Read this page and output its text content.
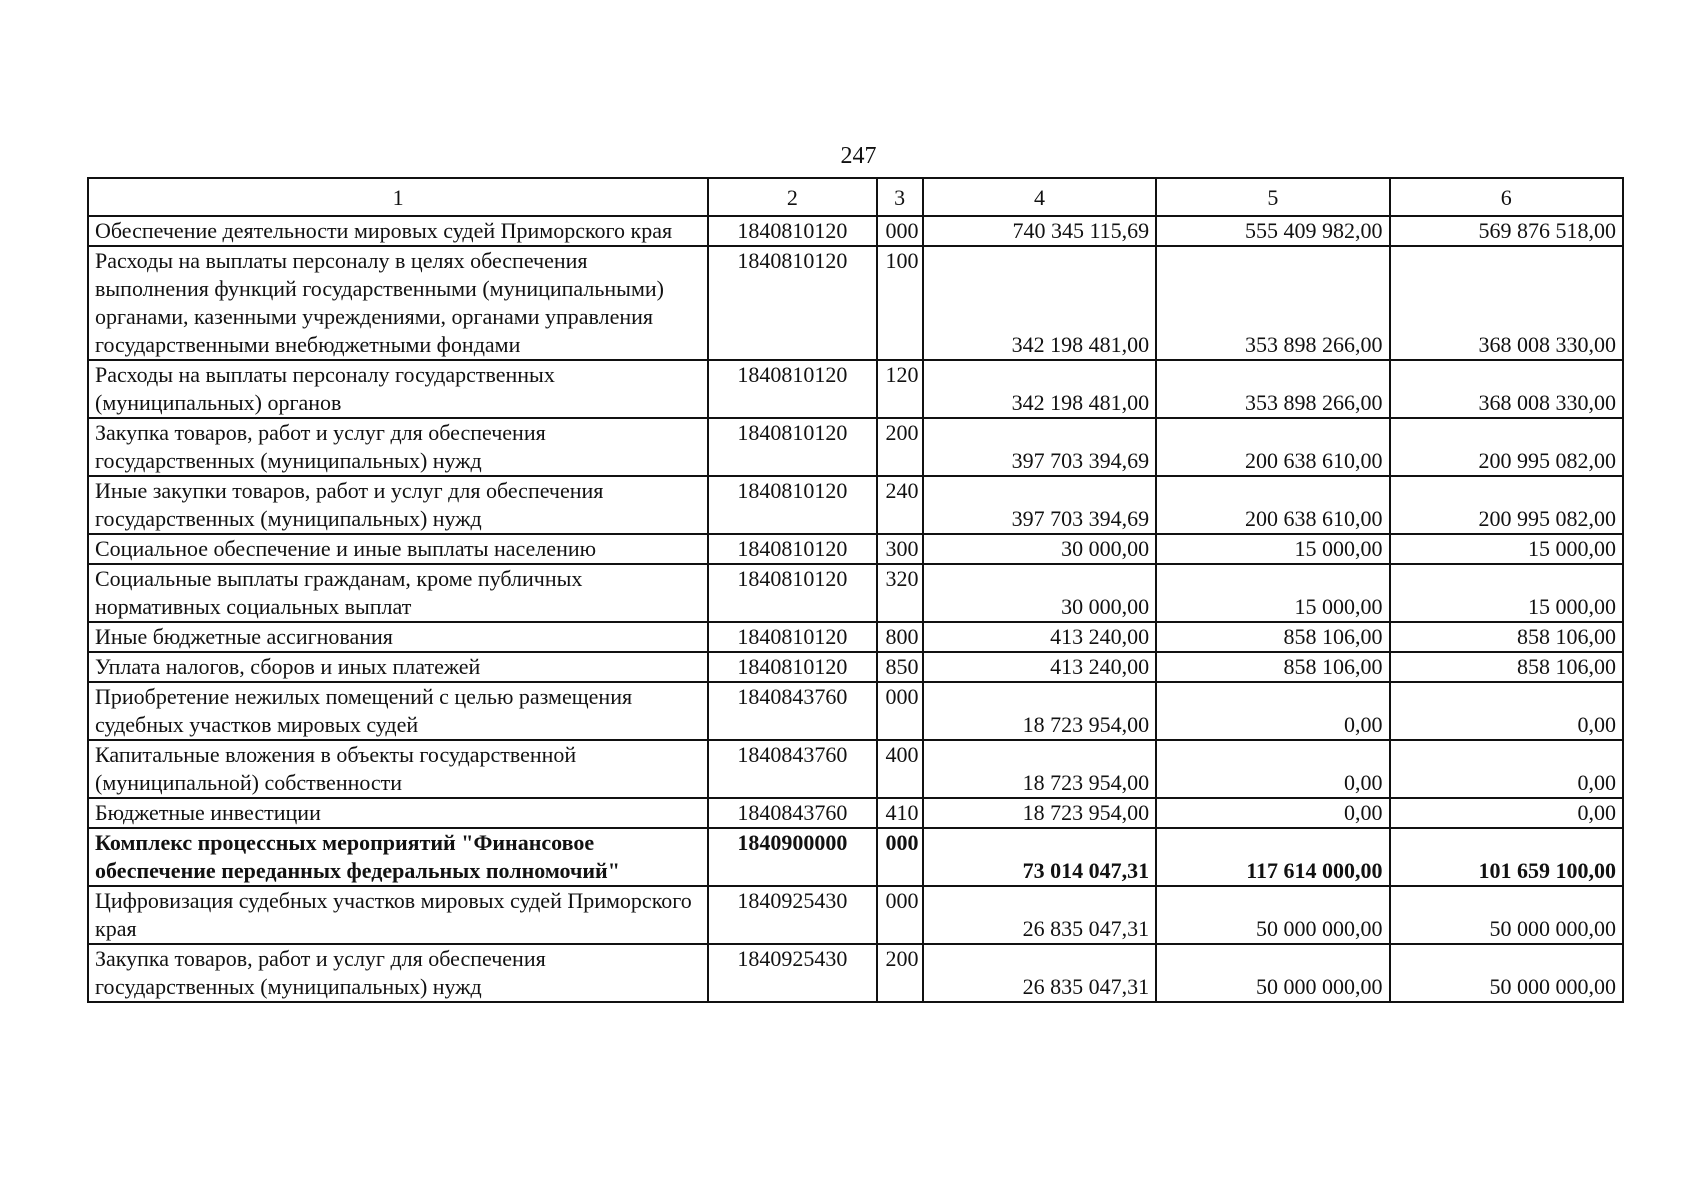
247
1	2	3	4	5	6
Обеспечение деятельности мировых судей Приморского края	1840810120	000	740 345 115,69	555 409 982,00	569 876 518,00
Расходы на выплаты персоналу в целях обеспечения выполнения функций государственными (муниципальными) органами, казенными учреждениями, органами управления государственными внебюджетными фондами	1840810120	100	342 198 481,00	353 898 266,00	368 008 330,00
Расходы на выплаты персоналу государственных (муниципальных) органов	1840810120	120	342 198 481,00	353 898 266,00	368 008 330,00
Закупка товаров, работ и услуг для обеспечения государственных (муниципальных) нужд	1840810120	200	397 703 394,69	200 638 610,00	200 995 082,00
Иные закупки товаров, работ и услуг для обеспечения государственных (муниципальных) нужд	1840810120	240	397 703 394,69	200 638 610,00	200 995 082,00
Социальное обеспечение и иные выплаты населению	1840810120	300	30 000,00	15 000,00	15 000,00
Социальные выплаты гражданам, кроме публичных нормативных социальных выплат	1840810120	320	30 000,00	15 000,00	15 000,00
Иные бюджетные ассигнования	1840810120	800	413 240,00	858 106,00	858 106,00
Уплата налогов, сборов и иных платежей	1840810120	850	413 240,00	858 106,00	858 106,00
Приобретение нежилых помещений с целью размещения судебных участков мировых судей	1840843760	000	18 723 954,00	0,00	0,00
Капитальные вложения в объекты государственной (муниципальной) собственности	1840843760	400	18 723 954,00	0,00	0,00
Бюджетные инвестиции	1840843760	410	18 723 954,00	0,00	0,00
Комплекс процессных мероприятий "Финансовое обеспечение переданных федеральных полномочий"	1840900000	000	73 014 047,31	117 614 000,00	101 659 100,00
Цифровизация судебных участков мировых судей Приморского края	1840925430	000	26 835 047,31	50 000 000,00	50 000 000,00
Закупка товаров, работ и услуг для обеспечения государственных (муниципальных) нужд	1840925430	200	26 835 047,31	50 000 000,00	50 000 000,00
